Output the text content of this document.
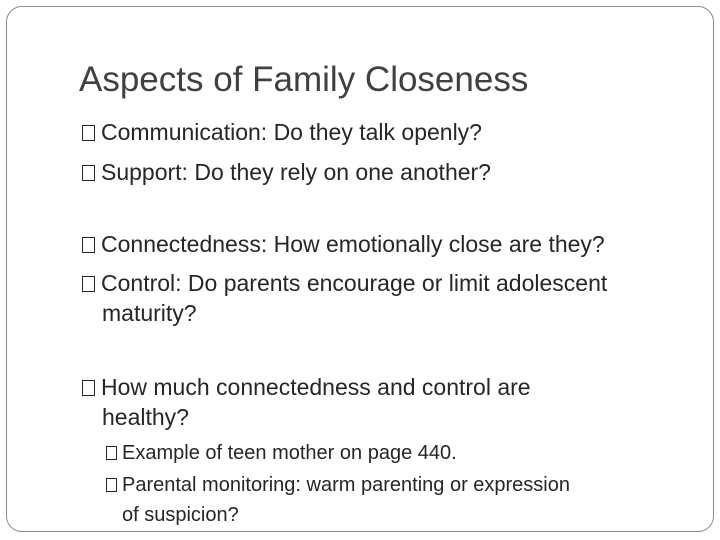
Aspects of Family Closeness
Communication: Do they talk openly?
Support: Do they rely on one another?
Connectedness: How emotionally close are they?
Control: Do parents encourage or limit adolescent
maturity?
How much connectedness and control are
healthy?
Example of teen mother on page 440.
Parental monitoring: warm parenting or expression
of suspicion?
